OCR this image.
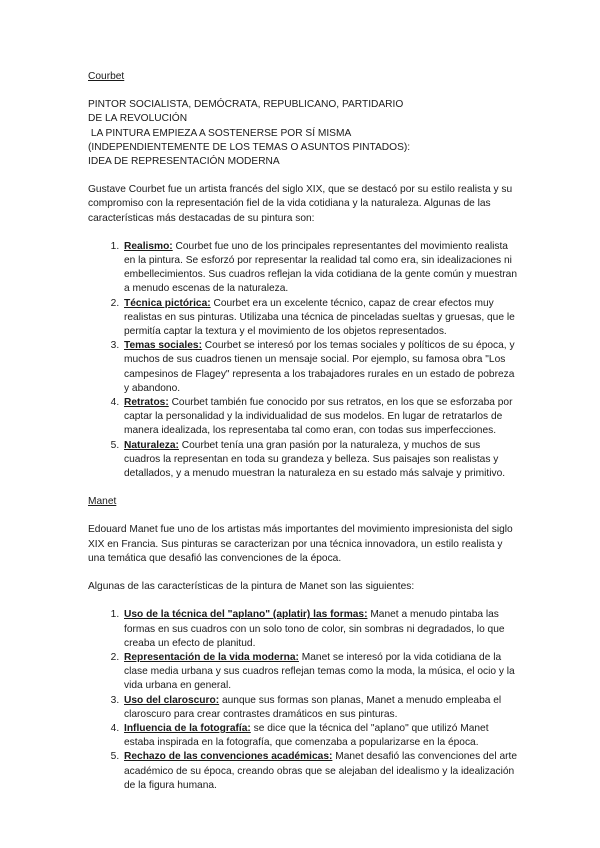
Courbet

PINTOR SOCIALISTA, DEMÓCRATA, REPUBLICANO, PARTIDARIO

DE LA REVOLUCIÓN

LA PINTURA EMPIEZA A SOSTENERSE POR SÍ MISMA

(INDEPENDIENTEMENTE DE LOS TEMAS O ASUNTOS PINTADOS):

IDEA DE REPRESENTACIÓN MODERNA

Gustave Courbet fue un artista francés del siglo XIX, que se destacó por su estilo realista y su compromiso con la representación fiel de la vida cotidiana y la naturaleza. Algunas de las características más destacadas de su pintura son:

1. Realismo: Courbet fue uno de los principales representantes del movimiento realista en la pintura. Se esforzó por representar la realidad tal como era, sin idealizaciones ni embellecimientos. Sus cuadros reflejan la vida cotidiana de la gente común y muestran a menudo escenas de la naturaleza.
2. Técnica pictórica: Courbet era un excelente técnico, capaz de crear efectos muy realistas en sus pinturas. Utilizaba una técnica de pinceladas sueltas y gruesas, que le permitía captar la textura y el movimiento de los objetos representados.
3. Temas sociales: Courbet se interesó por los temas sociales y políticos de su época, y muchos de sus cuadros tienen un mensaje social. Por ejemplo, su famosa obra "Los campesinos de Flagey" representa a los trabajadores rurales en un estado de pobreza y abandono.
4. Retratos: Courbet también fue conocido por sus retratos, en los que se esforzaba por captar la personalidad y la individualidad de sus modelos. En lugar de retratarlos de manera idealizada, los representaba tal como eran, con todas sus imperfecciones.
5. Naturaleza: Courbet tenía una gran pasión por la naturaleza, y muchos de sus cuadros la representan en toda su grandeza y belleza. Sus paisajes son realistas y detallados, y a menudo muestran la naturaleza en su estado más salvaje y primitivo.

Manet

Edouard Manet fue uno de los artistas más importantes del movimiento impresionista del siglo XIX en Francia. Sus pinturas se caracterizan por una técnica innovadora, un estilo realista y una temática que desafió las convenciones de la época.

Algunas de las características de la pintura de Manet son las siguientes:

1. Uso de la técnica del "aplano" (aplatir) las formas: Manet a menudo pintaba las formas en sus cuadros con un solo tono de color, sin sombras ni degradados, lo que creaba un efecto de planitud.
2. Representación de la vida moderna: Manet se interesó por la vida cotidiana de la clase media urbana y sus cuadros reflejan temas como la moda, la música, el ocio y la vida urbana en general.
3. Uso del claroscuro: aunque sus formas son planas, Manet a menudo empleaba el claroscuro para crear contrastes dramáticos en sus pinturas.
4. Influencia de la fotografía: se dice que la técnica del "aplano" que utilizó Manet estaba inspirada en la fotografía, que comenzaba a popularizarse en la época.
5. Rechazo de las convenciones académicas: Manet desafió las convenciones del arte académico de su época, creando obras que se alejaban del idealismo y la idealización de la figura humana.
